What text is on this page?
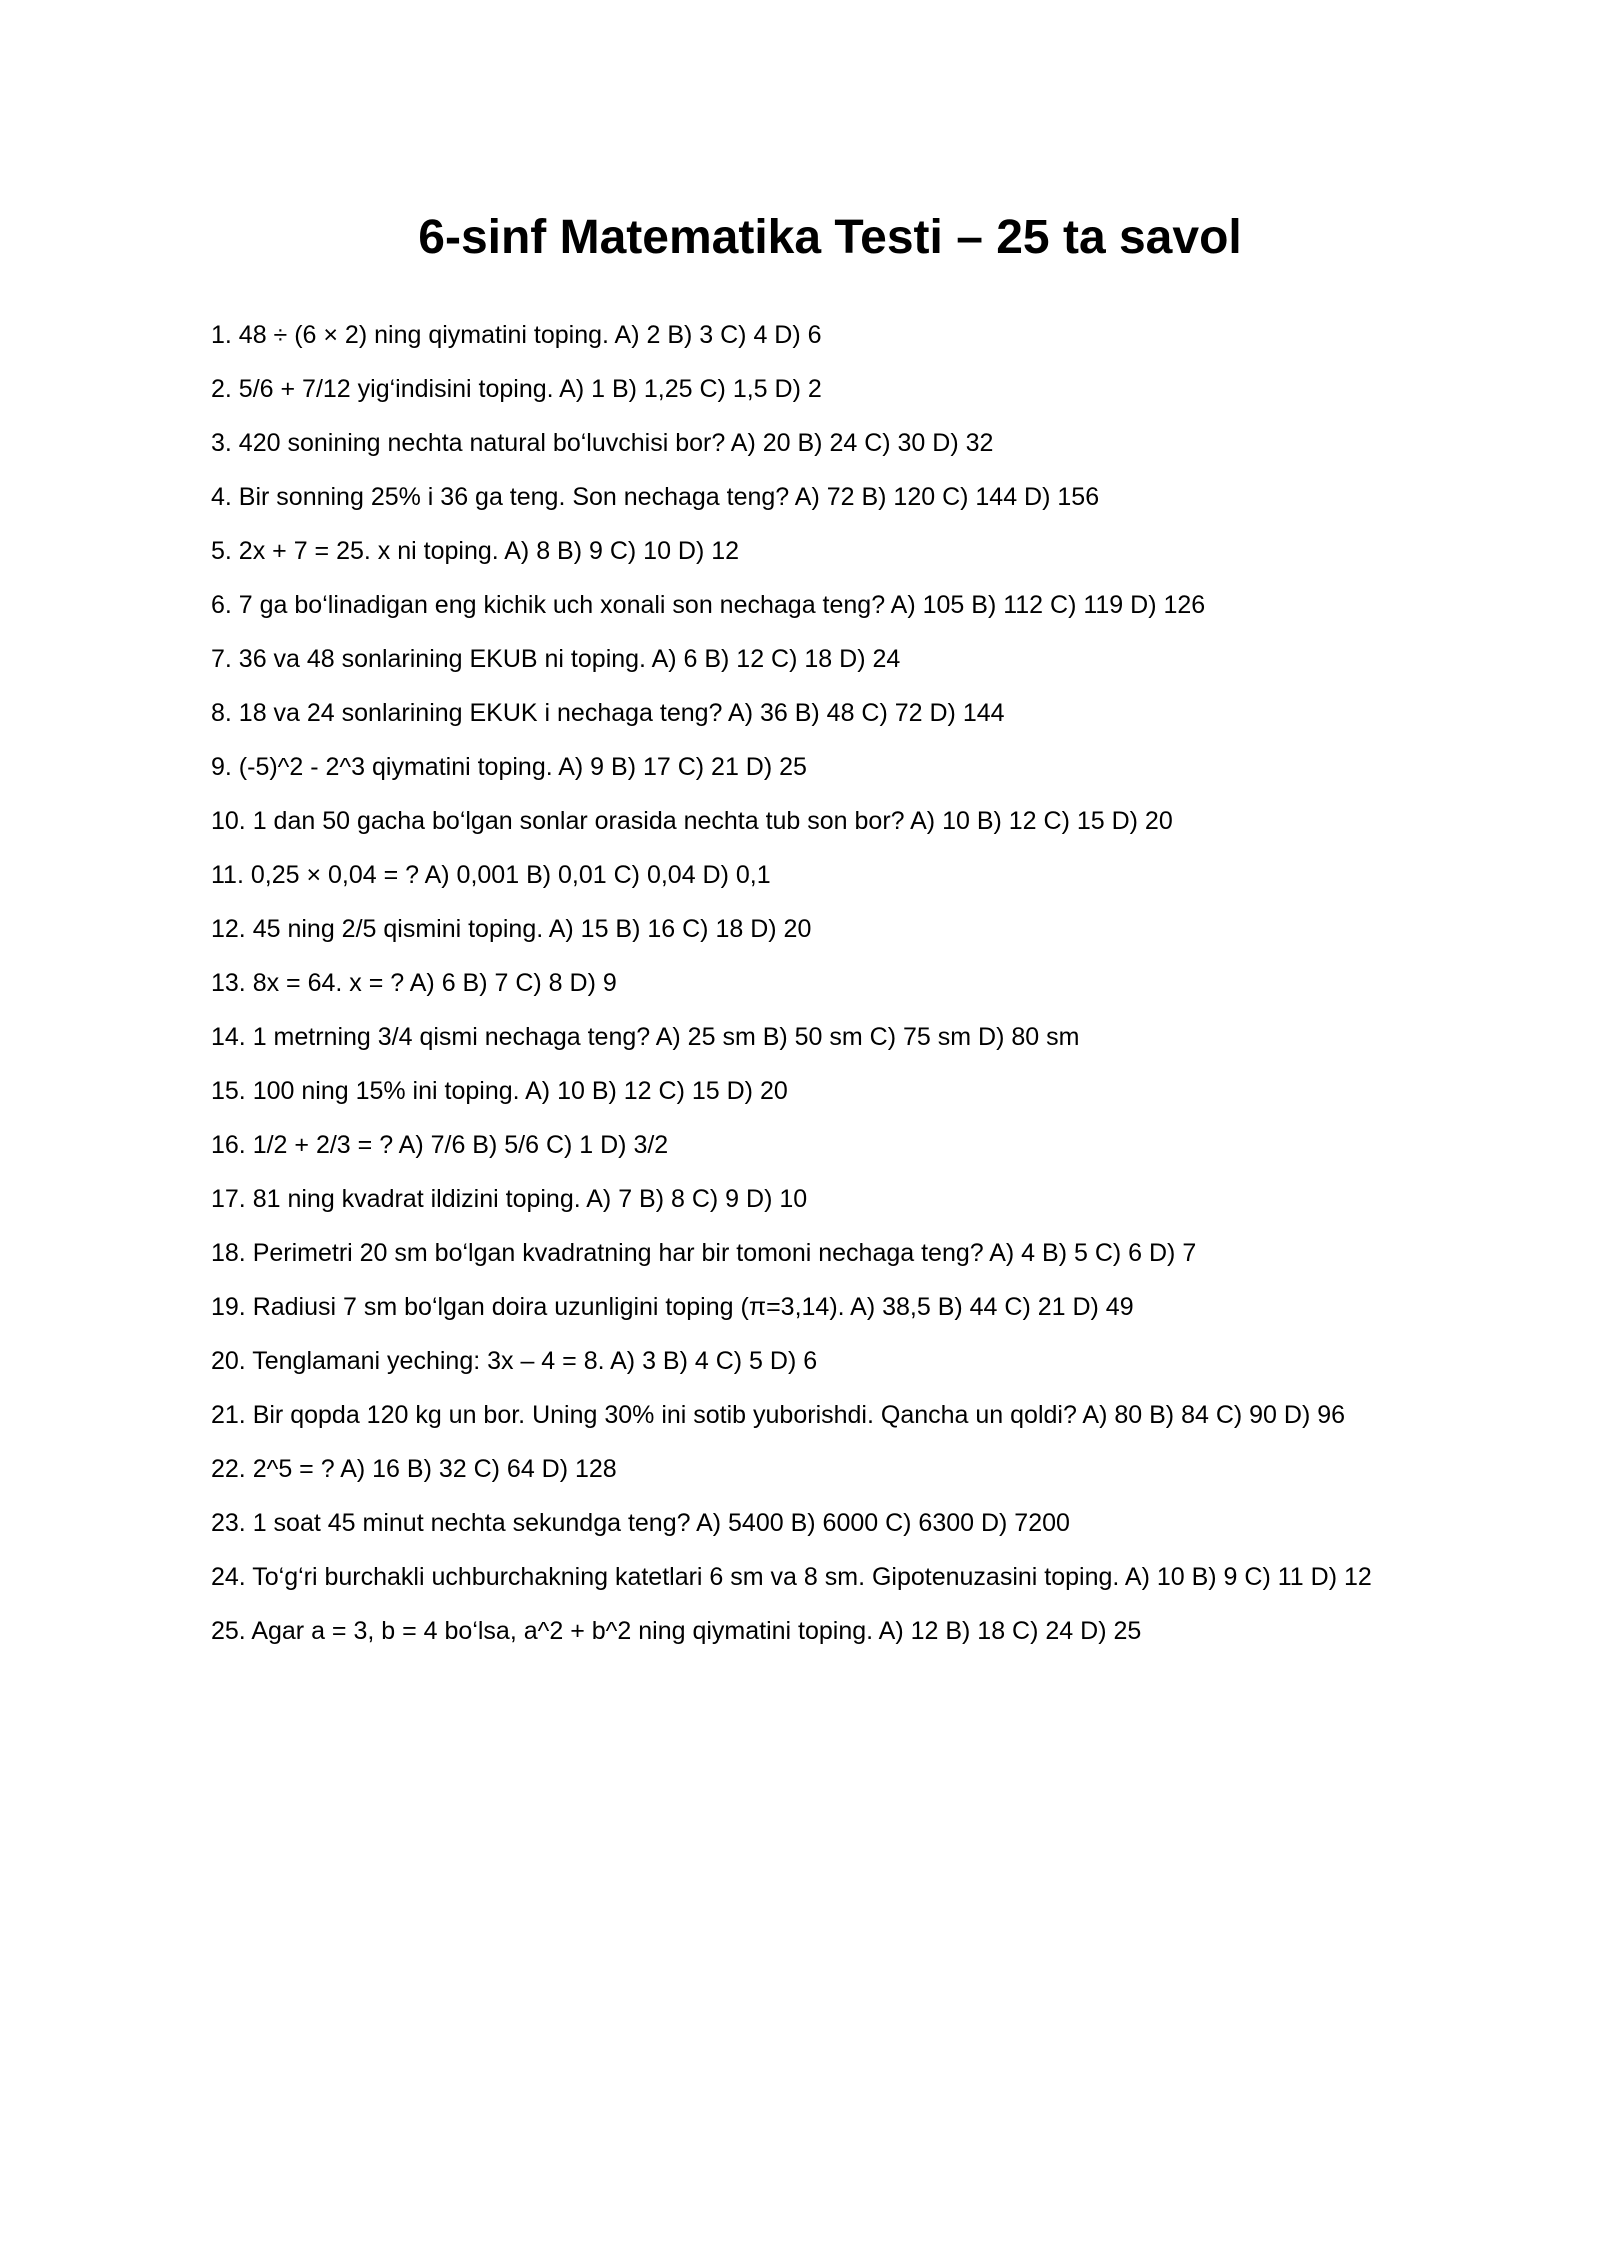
6-sinf Matematika Testi – 25 ta savol
1. 48 ÷ (6 × 2) ning qiymatini toping. A) 2 B) 3 C) 4 D) 6
2. 5/6 + 7/12 yig‘indisini toping. A) 1 B) 1,25 C) 1,5 D) 2
3. 420 sonining nechta natural bo‘luvchisi bor? A) 20 B) 24 C) 30 D) 32
4. Bir sonning 25% i 36 ga teng. Son nechaga teng? A) 72 B) 120 C) 144 D) 156
5. 2x + 7 = 25. x ni toping. A) 8 B) 9 C) 10 D) 12
6. 7 ga bo‘linadigan eng kichik uch xonali son nechaga teng? A) 105 B) 112 C) 119 D) 126
7. 36 va 48 sonlarining EKUB ni toping. A) 6 B) 12 C) 18 D) 24
8. 18 va 24 sonlarining EKUK i nechaga teng? A) 36 B) 48 C) 72 D) 144
9. (-5)^2 - 2^3 qiymatini toping. A) 9 B) 17 C) 21 D) 25
10. 1 dan 50 gacha bo‘lgan sonlar orasida nechta tub son bor? A) 10 B) 12 C) 15 D) 20
11. 0,25 × 0,04 = ? A) 0,001 B) 0,01 C) 0,04 D) 0,1
12. 45 ning 2/5 qismini toping. A) 15 B) 16 C) 18 D) 20
13. 8x = 64. x = ? A) 6 B) 7 C) 8 D) 9
14. 1 metrning 3/4 qismi nechaga teng? A) 25 sm B) 50 sm C) 75 sm D) 80 sm
15. 100 ning 15% ini toping. A) 10 B) 12 C) 15 D) 20
16. 1/2 + 2/3 = ? A) 7/6 B) 5/6 C) 1 D) 3/2
17. 81 ning kvadrat ildizini toping. A) 7 B) 8 C) 9 D) 10
18. Perimetri 20 sm bo‘lgan kvadratning har bir tomoni nechaga teng? A) 4 B) 5 C) 6 D) 7
19. Radiusi 7 sm bo‘lgan doira uzunligini toping (π=3,14). A) 38,5 B) 44 C) 21 D) 49
20. Tenglamani yeching: 3x – 4 = 8. A) 3 B) 4 C) 5 D) 6
21. Bir qopda 120 kg un bor. Uning 30% ini sotib yuborishdi. Qancha un qoldi? A) 80 B) 84 C) 90 D) 96
22. 2^5 = ? A) 16 B) 32 C) 64 D) 128
23. 1 soat 45 minut nechta sekundga teng? A) 5400 B) 6000 C) 6300 D) 7200
24. To‘g‘ri burchakli uchburchakning katetlari 6 sm va 8 sm. Gipotenuzasini toping. A) 10 B) 9 C) 11 D) 12
25. Agar a = 3, b = 4 bo‘lsa, a^2 + b^2 ning qiymatini toping. A) 12 B) 18 C) 24 D) 25
